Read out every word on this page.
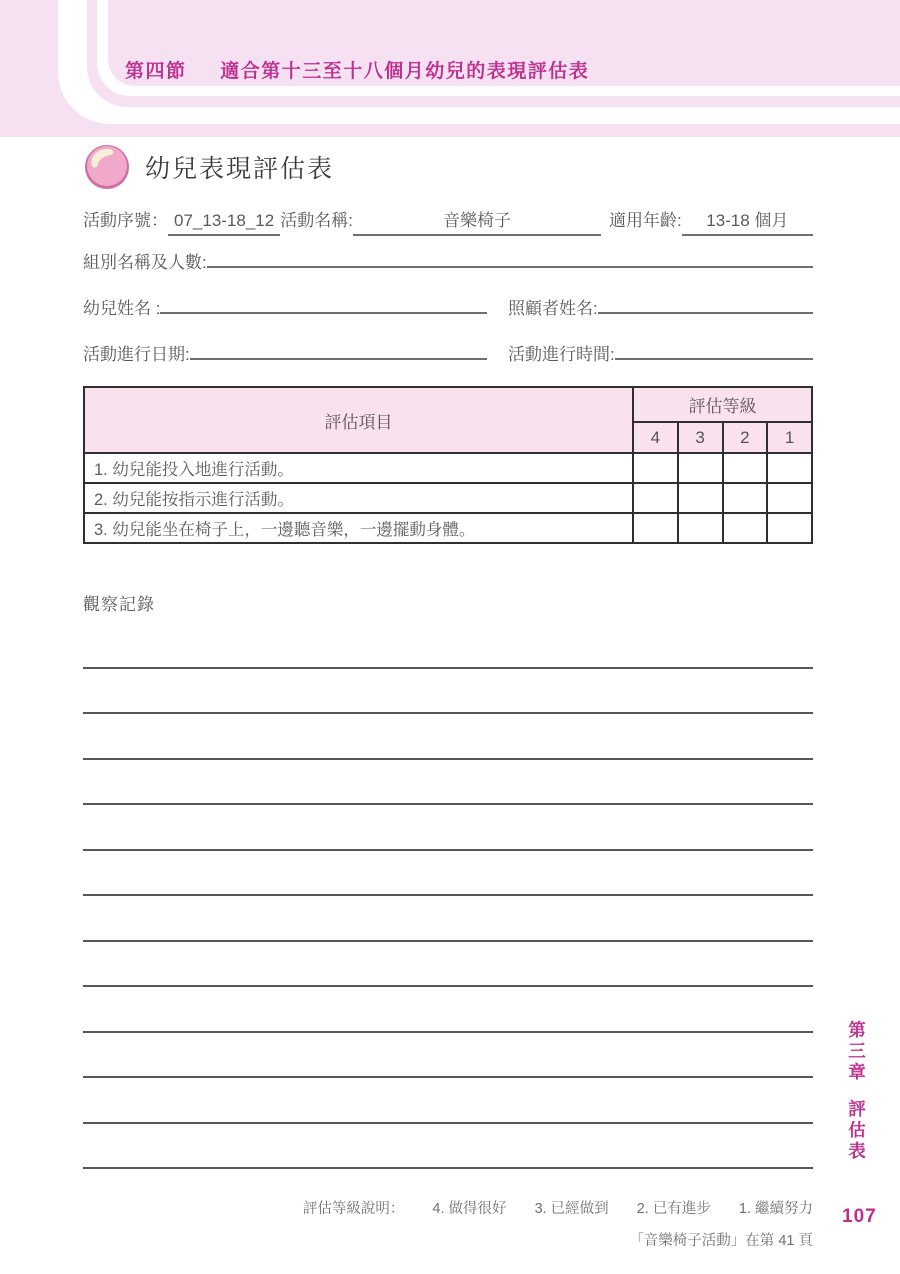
第四節 適合第十三至十八個月幼兒的表現評估表
幼兒表現評估表
活動序號： 07_13-18_12 活動名稱:	音樂椅子	適用年齡:	13-18 個月
組別名稱及人數:
幼兒姓名 :	照顧者姓名:
活動進行日期:	活動進行時間:
評估項目	評估等級			
	4	3	2	1
1. 幼兒能投入地進行活動。				
2. 幼兒能按指示進行活動。				
3. 幼兒能坐在椅子上，一邊聽音樂，一邊擺動身體。				
觀察記錄
評估等級說明： 4. 做得很好 3. 已經做到 2. 已有進步 1. 繼續努力
「音樂椅子活動」在第 41 頁
第
三
章
評
估
表
107
